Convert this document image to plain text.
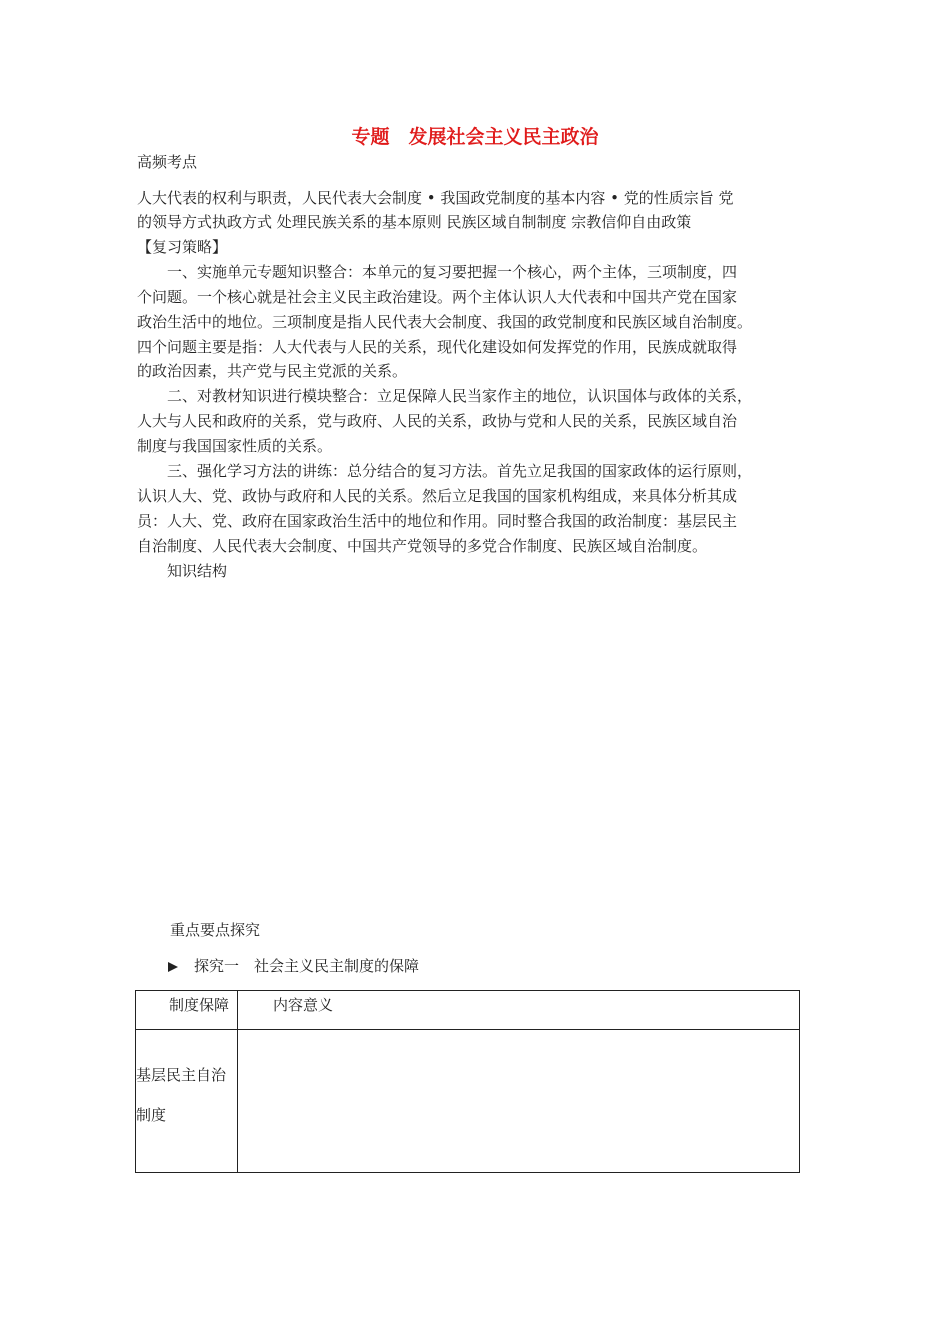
专题　发展社会主义民主政治
高频考点
人大代表的权利与职责，人民代表大会制度 • 我国政党制度的基本内容 • 党的性质宗旨 党
的领导方式执政方式 处理民族关系的基本原则 民族区域自制制度 宗教信仰自由政策
【复习策略】
一、实施单元专题知识整合：本单元的复习要把握一个核心，两个主体，三项制度，四
个问题。一个核心就是社会主义民主政治建设。两个主体认识人大代表和中国共产党在国家
政治生活中的地位。三项制度是指人民代表大会制度、我国的政党制度和民族区域自治制度。
四个问题主要是指：人大代表与人民的关系，现代化建设如何发挥党的作用，民族成就取得
的政治因素，共产党与民主党派的关系。
二、对教材知识进行模块整合：立足保障人民当家作主的地位，认识国体与政体的关系，
人大与人民和政府的关系，党与政府、人民的关系，政协与党和人民的关系，民族区域自治
制度与我国国家性质的关系。
三、强化学习方法的讲练：总分结合的复习方法。首先立足我国的国家政体的运行原则，
认识人大、党、政协与政府和人民的关系。然后立足我国的国家机构组成，来具体分析其成
员：人大、党、政府在国家政治生活中的地位和作用。同时整合我国的政治制度：基层民主
自治制度、人民代表大会制度、中国共产党领导的多党合作制度、民族区域自治制度。
知识结构
重点要点探究
探究一　社会主义民主制度的保障
制度保障	内容意义
基层民主自治
制度
